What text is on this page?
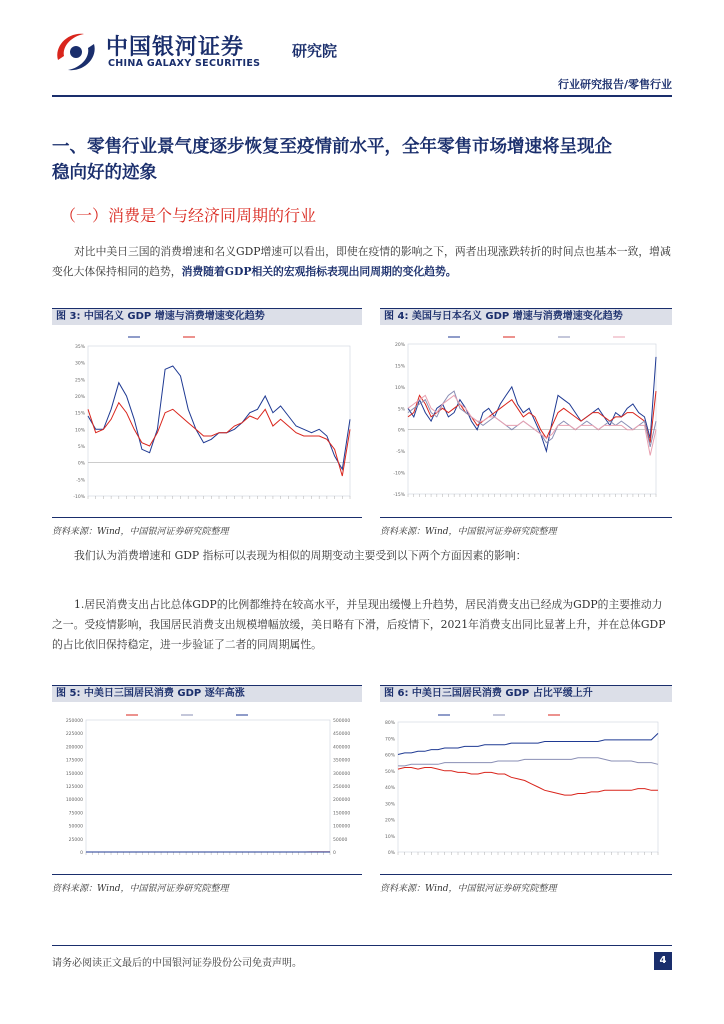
中国银河证券
CHINA GALAXY SECURITIES
研究院
行业研究报告/零售行业
一、零售行业景气度逐步恢复至疫情前水平，全年零售市场增速将呈现企稳向好的迹象
（一）消费是个与经济同周期的行业
对比中美日三国的消费增速和名义GDP增速可以看出，即使在疫情的影响之下，两者出现涨跌转折的时间点也基本一致，增减变化大体保持相同的趋势，消费随着GDP相关的宏观指标表现出同周期的变化趋势。
图 3: 中国名义 GDP 增速与消费增速变化趋势
35%
30%
25%
20%
15%
10%
5%
0%
-5%
-10%
资料来源：Wind，中国银河证券研究院整理
图 4: 美国与日本名义 GDP 增速与消费增速变化趋势
20%
15%
10%
5%
0%
-5%
-10%
-15%
资料来源：Wind，中国银河证券研究院整理
我们认为消费增速和 GDP 指标可以表现为相似的周期变动主要受到以下两个方面因素的影响：
1.居民消费支出占比总体GDP的比例都维持在较高水平，并呈现出缓慢上升趋势，居民消费支出已经成为GDP的主要推动力之一。受疫情影响，我国居民消费支出规模增幅放缓，美日略有下滑，后疫情下，2021年消费支出同比显著上升，并在总体GDP的占比依旧保持稳定，进一步验证了二者的同周期属性。
图 5: 中美日三国居民消费 GDP 逐年高涨
250000
225000
200000
175000
150000
125000
100000
75000
50000
25000
0
500000
450000
400000
350000
300000
250000
200000
150000
100000
50000
0
资料来源：Wind，中国银河证券研究院整理
图 6: 中美日三国居民消费 GDP 占比平缓上升
80%
70%
60%
50%
40%
30%
20%
10%
0%
资料来源：Wind，中国银河证券研究院整理
请务必阅读正文最后的中国银河证券股份公司免责声明。	4
